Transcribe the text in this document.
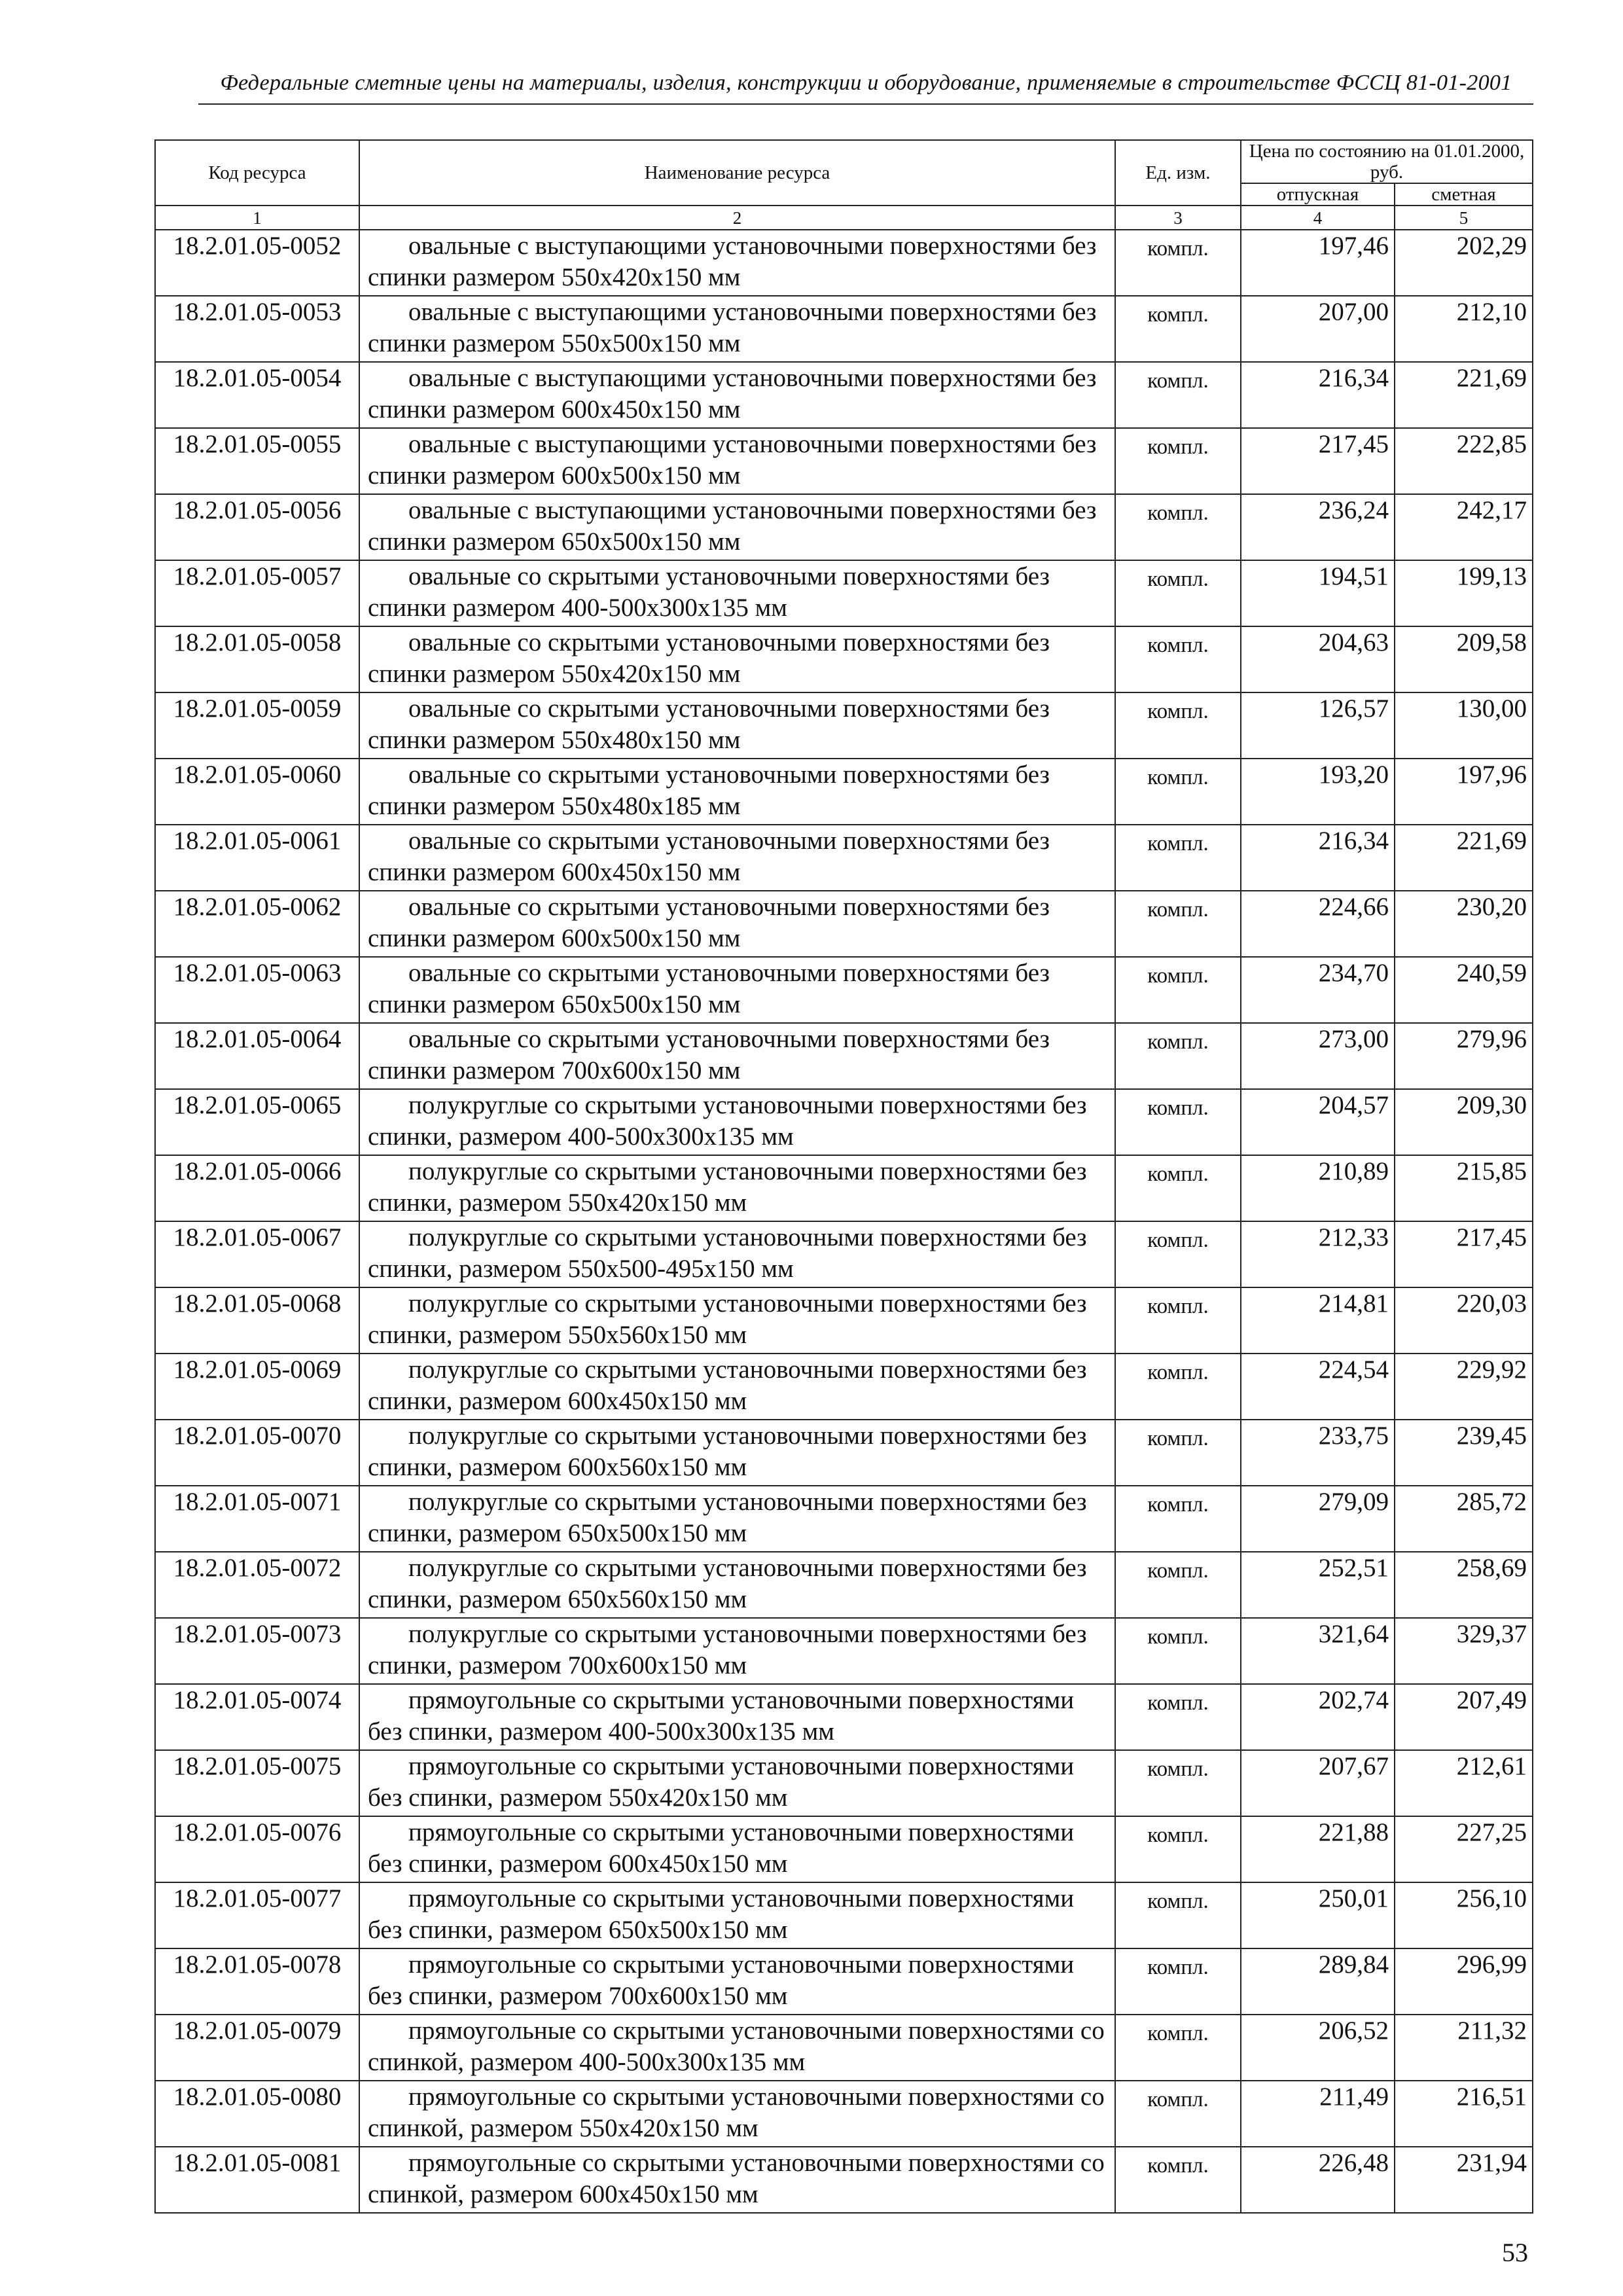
Федеральные сметные цены на материалы, изделия, конструкции и оборудование, применяемые в строительстве ФССЦ 81-01-2001
Код ресурса	Наименование ресурса	Ед. изм.	Цена по состоянию на 01.01.2000, руб.	
			отпускная	сметная
1	2	3	4	5
18.2.01.05-0052	овальные с выступающими установочными поверхностями без спинки размером 550x420x150 мм	компл.	197,46	202,29
18.2.01.05-0053	овальные с выступающими установочными поверхностями без спинки размером 550x500x150 мм	компл.	207,00	212,10
18.2.01.05-0054	овальные с выступающими установочными поверхностями без спинки размером 600x450x150 мм	компл.	216,34	221,69
18.2.01.05-0055	овальные с выступающими установочными поверхностями без спинки размером 600x500x150 мм	компл.	217,45	222,85
18.2.01.05-0056	овальные с выступающими установочными поверхностями без спинки размером 650x500x150 мм	компл.	236,24	242,17
18.2.01.05-0057	овальные со скрытыми установочными поверхностями без спинки размером 400-500x300x135 мм	компл.	194,51	199,13
18.2.01.05-0058	овальные со скрытыми установочными поверхностями без спинки размером 550x420x150 мм	компл.	204,63	209,58
18.2.01.05-0059	овальные со скрытыми установочными поверхностями без спинки размером 550x480x150 мм	компл.	126,57	130,00
18.2.01.05-0060	овальные со скрытыми установочными поверхностями без спинки размером 550x480x185 мм	компл.	193,20	197,96
18.2.01.05-0061	овальные со скрытыми установочными поверхностями без спинки размером 600x450x150 мм	компл.	216,34	221,69
18.2.01.05-0062	овальные со скрытыми установочными поверхностями без спинки размером 600x500x150 мм	компл.	224,66	230,20
18.2.01.05-0063	овальные со скрытыми установочными поверхностями без спинки размером 650x500x150 мм	компл.	234,70	240,59
18.2.01.05-0064	овальные со скрытыми установочными поверхностями без спинки размером 700x600x150 мм	компл.	273,00	279,96
18.2.01.05-0065	полукруглые со скрытыми установочными поверхностями без спинки, размером 400-500x300x135 мм	компл.	204,57	209,30
18.2.01.05-0066	полукруглые со скрытыми установочными поверхностями без спинки, размером 550x420x150 мм	компл.	210,89	215,85
18.2.01.05-0067	полукруглые со скрытыми установочными поверхностями без спинки, размером 550x500-495x150 мм	компл.	212,33	217,45
18.2.01.05-0068	полукруглые со скрытыми установочными поверхностями без спинки, размером 550x560x150 мм	компл.	214,81	220,03
18.2.01.05-0069	полукруглые со скрытыми установочными поверхностями без спинки, размером 600x450x150 мм	компл.	224,54	229,92
18.2.01.05-0070	полукруглые со скрытыми установочными поверхностями без спинки, размером 600x560x150 мм	компл.	233,75	239,45
18.2.01.05-0071	полукруглые со скрытыми установочными поверхностями без спинки, размером 650x500x150 мм	компл.	279,09	285,72
18.2.01.05-0072	полукруглые со скрытыми установочными поверхностями без спинки, размером 650x560x150 мм	компл.	252,51	258,69
18.2.01.05-0073	полукруглые со скрытыми установочными поверхностями без спинки, размером 700x600x150 мм	компл.	321,64	329,37
18.2.01.05-0074	прямоугольные со скрытыми установочными поверхностями без спинки, размером 400-500x300x135 мм	компл.	202,74	207,49
18.2.01.05-0075	прямоугольные со скрытыми установочными поверхностями без спинки, размером 550x420x150 мм	компл.	207,67	212,61
18.2.01.05-0076	прямоугольные со скрытыми установочными поверхностями без спинки, размером 600x450x150 мм	компл.	221,88	227,25
18.2.01.05-0077	прямоугольные со скрытыми установочными поверхностями без спинки, размером 650x500x150 мм	компл.	250,01	256,10
18.2.01.05-0078	прямоугольные со скрытыми установочными поверхностями без спинки, размером 700x600x150 мм	компл.	289,84	296,99
18.2.01.05-0079	прямоугольные со скрытыми установочными поверхностями со спинкой, размером 400-500x300x135 мм	компл.	206,52	211,32
18.2.01.05-0080	прямоугольные со скрытыми установочными поверхностями со спинкой, размером 550x420x150 мм	компл.	211,49	216,51
18.2.01.05-0081	прямоугольные со скрытыми установочными поверхностями со спинкой, размером 600x450x150 мм	компл.	226,48	231,94
53
